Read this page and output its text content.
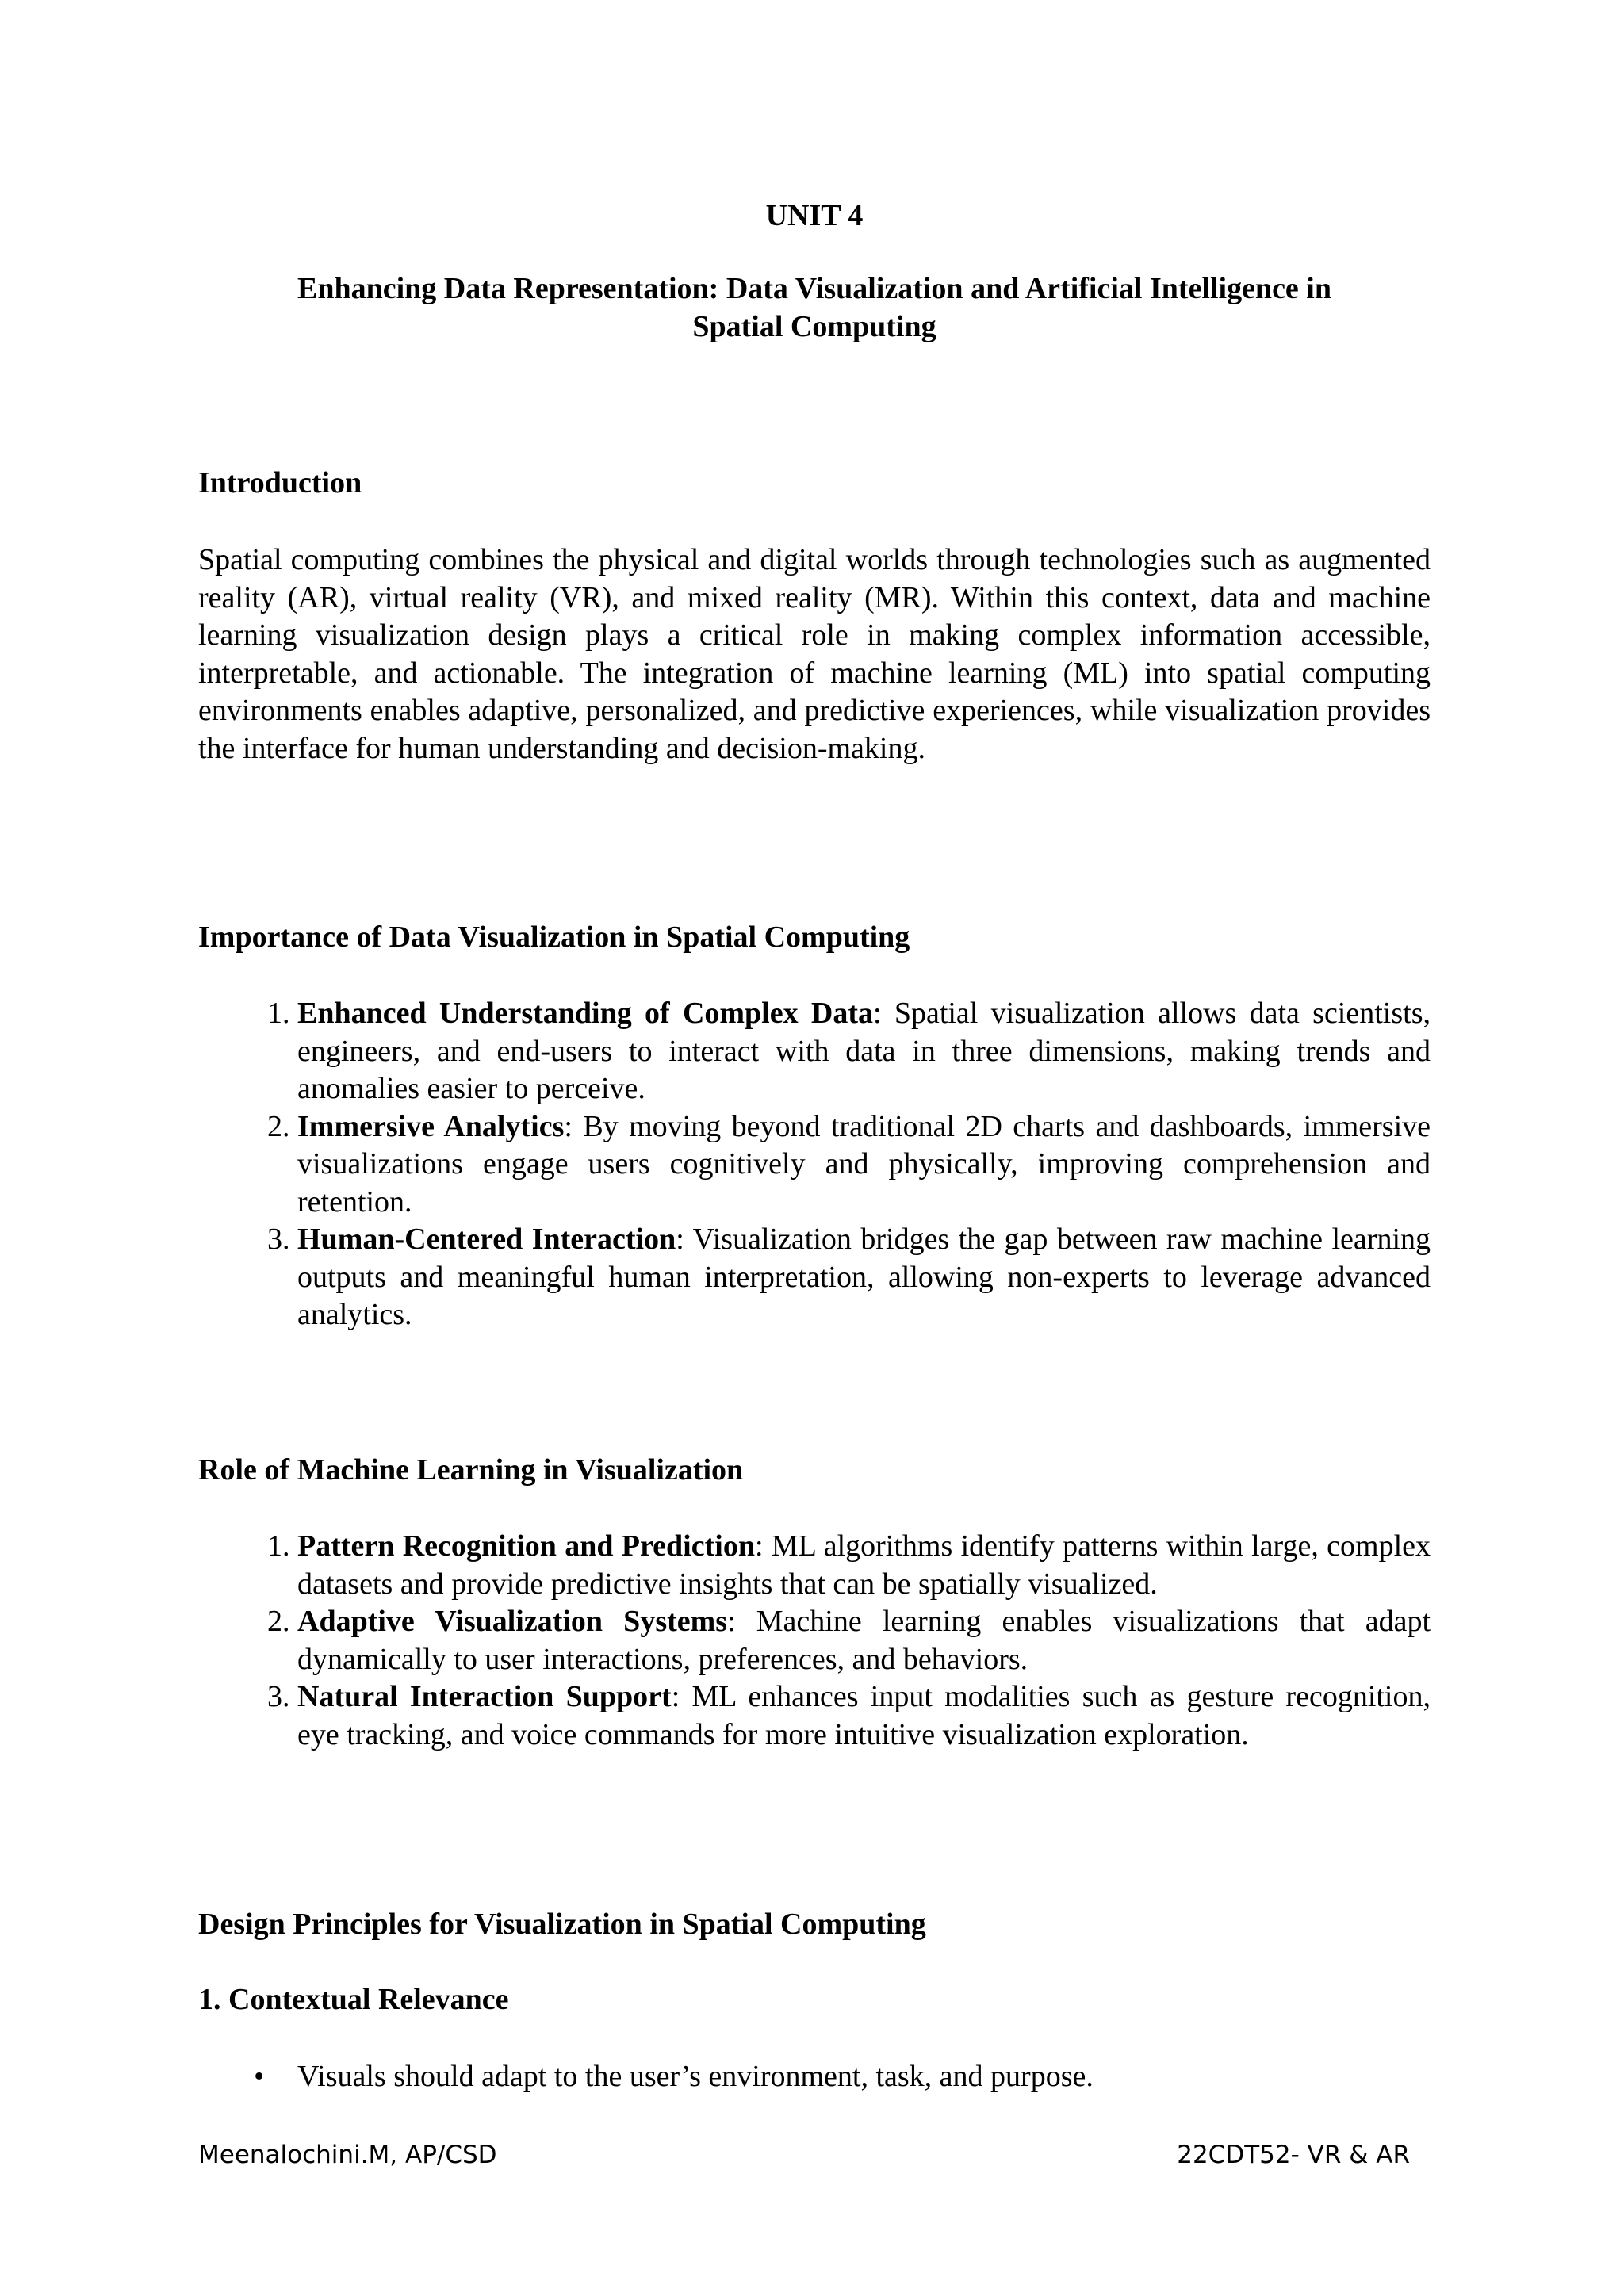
UNIT 4
Enhancing Data Representation: Data Visualization and Artificial Intelligence in
Spatial Computing
Introduction
Spatial computing combines the physical and digital worlds through technologies such as augmented reality (AR), virtual reality (VR), and mixed reality (MR). Within this context, data and machine learning visualization design plays a critical role in making complex information accessible, interpretable, and actionable. The integration of machine learning (ML) into spatial computing environments enables adaptive, personalized, and predictive experiences, while visualization provides the interface for human understanding and decision-making.
Importance of Data Visualization in Spatial Computing
1. Enhanced Understanding of Complex Data: Spatial visualization allows data scientists, engineers, and end-users to interact with data in three dimensions, making trends and anomalies easier to perceive.
2. Immersive Analytics: By moving beyond traditional 2D charts and dashboards, immersive visualizations engage users cognitively and physically, improving comprehension and retention.
3. Human-Centered Interaction: Visualization bridges the gap between raw machine learning outputs and meaningful human interpretation, allowing non-experts to leverage advanced analytics.
Role of Machine Learning in Visualization
1. Pattern Recognition and Prediction: ML algorithms identify patterns within large, complex datasets and provide predictive insights that can be spatially visualized.
2. Adaptive Visualization Systems: Machine learning enables visualizations that adapt dynamically to user interactions, preferences, and behaviors.
3. Natural Interaction Support: ML enhances input modalities such as gesture recognition, eye tracking, and voice commands for more intuitive visualization exploration.
Design Principles for Visualization in Spatial Computing
1. Contextual Relevance
• Visuals should adapt to the user’s environment, task, and purpose.
Meenalochini.M, AP/CSD	22CDT52- VR & AR
